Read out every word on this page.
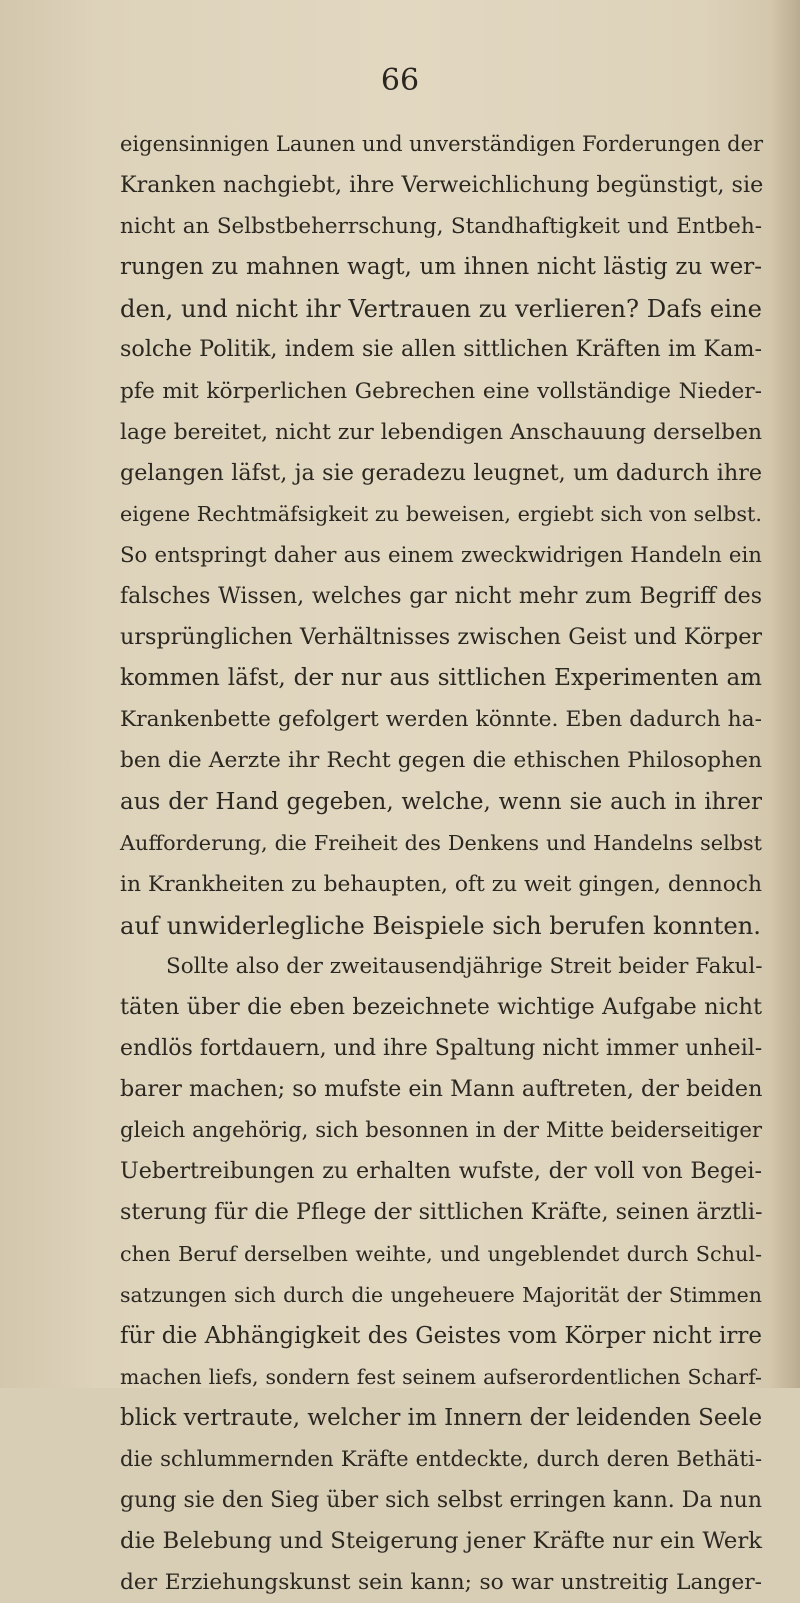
66
eigensinnigen Launen und unverständigen Forderungen der
Kranken nachgiebt, ihre Verweichlichung begünstigt, sie
nicht an Selbstbeherrschung, Standhaftigkeit und Entbeh-
rungen zu mahnen wagt, um ihnen nicht lästig zu wer-
den, und nicht ihr Vertrauen zu verlieren? Dafs eine
solche Politik, indem sie allen sittlichen Kräften im Kam-
pfe mit körperlichen Gebrechen eine vollständige Nieder-
lage bereitet, nicht zur lebendigen Anschauung derselben
gelangen läfst, ja sie geradezu leugnet, um dadurch ihre
eigene Rechtmäfsigkeit zu beweisen, ergiebt sich von selbst.
So entspringt daher aus einem zweckwidrigen Handeln ein
falsches Wissen, welches gar nicht mehr zum Begriff des
ursprünglichen Verhältnisses zwischen Geist und Körper
kommen läfst, der nur aus sittlichen Experimenten am
Krankenbette gefolgert werden könnte. Eben dadurch ha-
ben die Aerzte ihr Recht gegen die ethischen Philosophen
aus der Hand gegeben, welche, wenn sie auch in ihrer
Aufforderung, die Freiheit des Denkens und Handelns selbst
in Krankheiten zu behaupten, oft zu weit gingen, dennoch
auf unwiderlegliche Beispiele sich berufen konnten.
Sollte also der zweitausendjährige Streit beider Fakul-
täten über die eben bezeichnete wichtige Aufgabe nicht
endlös fortdauern, und ihre Spaltung nicht immer unheil-
barer machen; so mufste ein Mann auftreten, der beiden
gleich angehörig, sich besonnen in der Mitte beiderseitiger
Uebertreibungen zu erhalten wufste, der voll von Begei-
sterung für die Pflege der sittlichen Kräfte, seinen ärztli-
chen Beruf derselben weihte, und ungeblendet durch Schul-
satzungen sich durch die ungeheuere Majorität der Stimmen
für die Abhängigkeit des Geistes vom Körper nicht irre
machen liefs, sondern fest seinem aufserordentlichen Scharf-
blick vertraute, welcher im Innern der leidenden Seele
die schlummernden Kräfte entdeckte, durch deren Bethäti-
gung sie den Sieg über sich selbst erringen kann. Da nun
die Belebung und Steigerung jener Kräfte nur ein Werk
der Erziehungskunst sein kann; so war unstreitig Langer-
